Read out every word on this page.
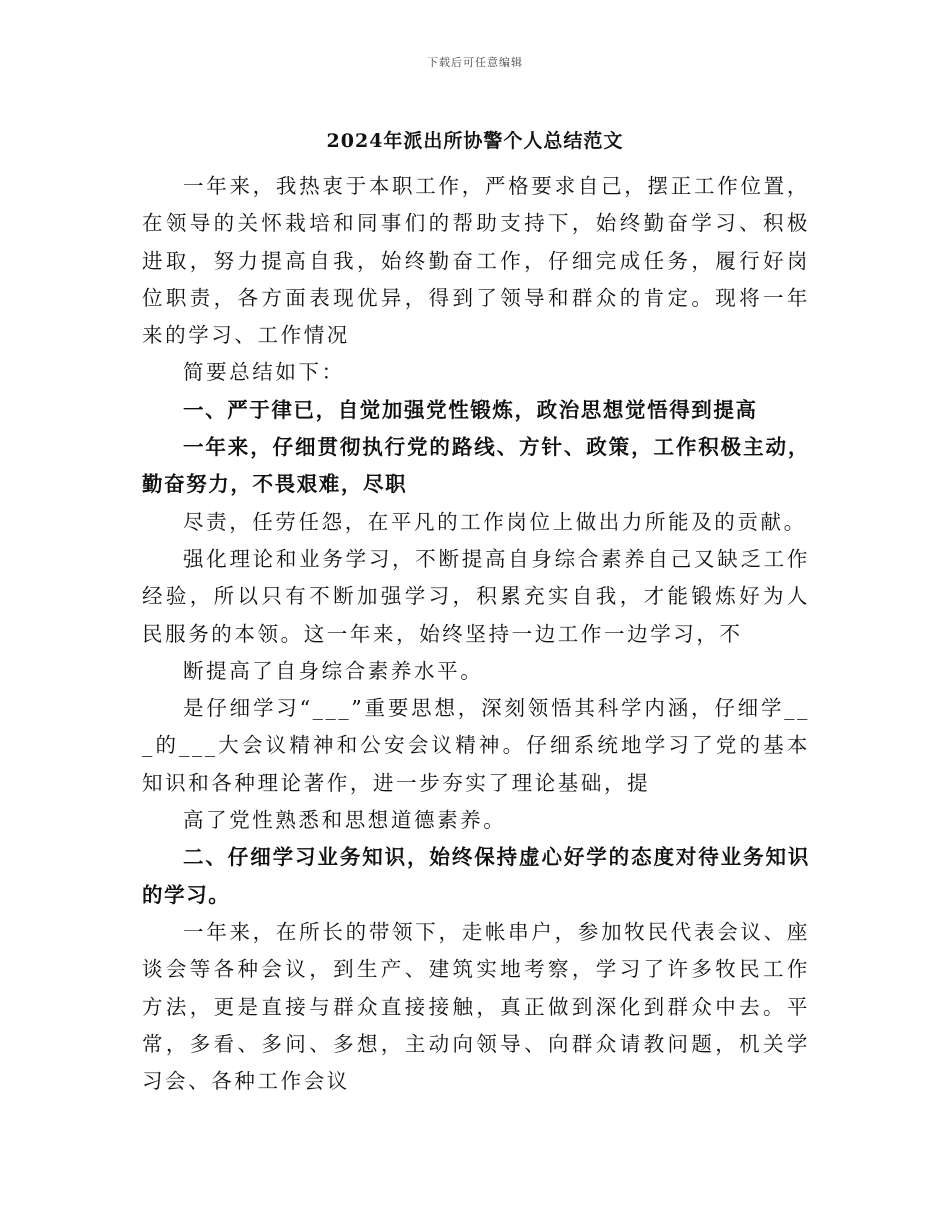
下载后可任意编辑
2024年派出所协警个人总结范文

一年来，我热衷于本职工作，严格要求自己，摆正工作位置，在领导的关怀栽培和同事们的帮助支持下，始终勤奋学习、积极进取，努力提高自我，始终勤奋工作，仔细完成任务，履行好岗位职责，各方面表现优异，得到了领导和群众的肯定。现将一年来的学习、工作情况

简要总结如下：

一、严于律已，自觉加强党性锻炼，政治思想觉悟得到提高

一年来，仔细贯彻执行党的路线、方针、政策，工作积极主动，勤奋努力，不畏艰难，尽职

尽责，任劳任怨，在平凡的工作岗位上做出力所能及的贡献。

强化理论和业务学习，不断提高自身综合素养自己又缺乏工作经验，所以只有不断加强学习，积累充实自我，才能锻炼好为人民服务的本领。这一年来，始终坚持一边工作一边学习，不

断提高了自身综合素养水平。

是仔细学习“___”重要思想，深刻领悟其科学内涵，仔细学___的___大会议精神和公安会议精神。仔细系统地学习了党的基本知识和各种理论著作，进一步夯实了理论基础，提

高了党性熟悉和思想道德素养。

二、仔细学习业务知识，始终保持虚心好学的态度对待业务知识的学习。

一年来，在所长的带领下，走帐串户，参加牧民代表会议、座谈会等各种会议，到生产、建筑实地考察，学习了许多牧民工作方法，更是直接与群众直接接触，真正做到深化到群众中去。平常，多看、多问、多想，主动向领导、向群众请教问题，机关学习会、各种工作会议
